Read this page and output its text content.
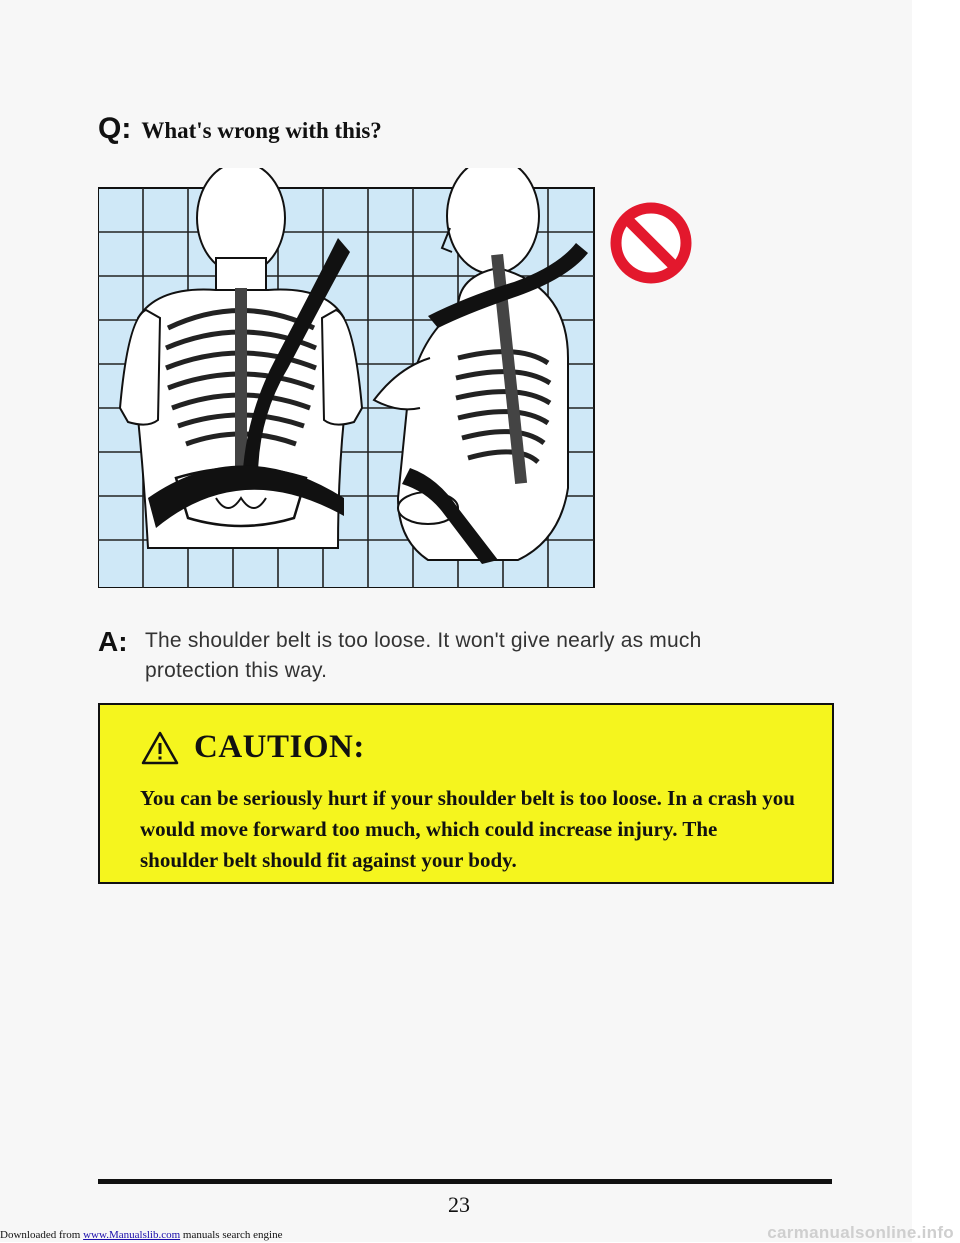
Q: What's wrong with this?
A: The shoulder belt is too loose. It won't give nearly as much protection this way.
CAUTION:
You can be seriously hurt if your shoulder belt is too loose. In a crash you would move forward too much, which could increase injury. The shoulder belt should fit against your body.
23
Downloaded from www.Manualslib.com manuals search engine	carmanualsonline.info
